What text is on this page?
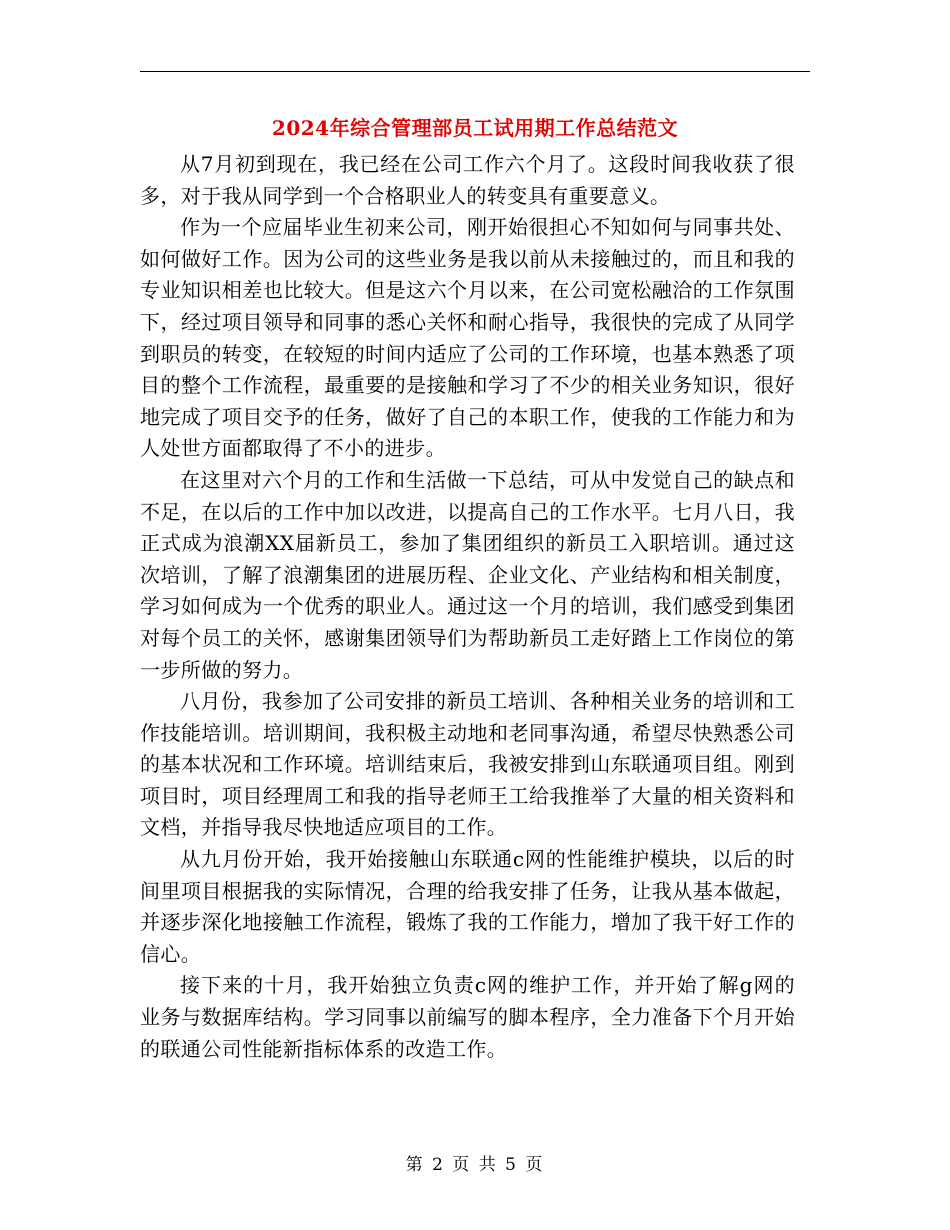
2024年综合管理部员工试用期工作总结范文

从7月初到现在，我已经在公司工作六个月了。这段时间我收获了很多，对于我从同学到一个合格职业人的转变具有重要意义。

作为一个应届毕业生初来公司，刚开始很担心不知如何与同事共处、如何做好工作。因为公司的这些业务是我以前从未接触过的，而且和我的专业知识相差也比较大。但是这六个月以来，在公司宽松融洽的工作氛围下，经过项目领导和同事的悉心关怀和耐心指导，我很快的完成了从同学到职员的转变，在较短的时间内适应了公司的工作环境，也基本熟悉了项目的整个工作流程，最重要的是接触和学习了不少的相关业务知识，很好地完成了项目交予的任务，做好了自己的本职工作，使我的工作能力和为人处世方面都取得了不小的进步。

在这里对六个月的工作和生活做一下总结，可从中发觉自己的缺点和不足，在以后的工作中加以改进，以提高自己的工作水平。七月八日，我正式成为浪潮XX届新员工，参加了集团组织的新员工入职培训。通过这次培训，了解了浪潮集团的进展历程、企业文化、产业结构和相关制度，学习如何成为一个优秀的职业人。通过这一个月的培训，我们感受到集团对每个员工的关怀，感谢集团领导们为帮助新员工走好踏上工作岗位的第一步所做的努力。

八月份，我参加了公司安排的新员工培训、各种相关业务的培训和工作技能培训。培训期间，我积极主动地和老同事沟通，希望尽快熟悉公司的基本状况和工作环境。培训结束后，我被安排到山东联通项目组。刚到项目时，项目经理周工和我的指导老师王工给我推举了大量的相关资料和文档，并指导我尽快地适应项目的工作。

从九月份开始，我开始接触山东联通c网的性能维护模块，以后的时间里项目根据我的实际情况，合理的给我安排了任务，让我从基本做起，并逐步深化地接触工作流程，锻炼了我的工作能力，增加了我干好工作的信心。

接下来的十月，我开始独立负责c网的维护工作，并开始了解g网的业务与数据库结构。学习同事以前编写的脚本程序，全力准备下个月开始的联通公司性能新指标体系的改造工作。

第 2 页 共 5 页
